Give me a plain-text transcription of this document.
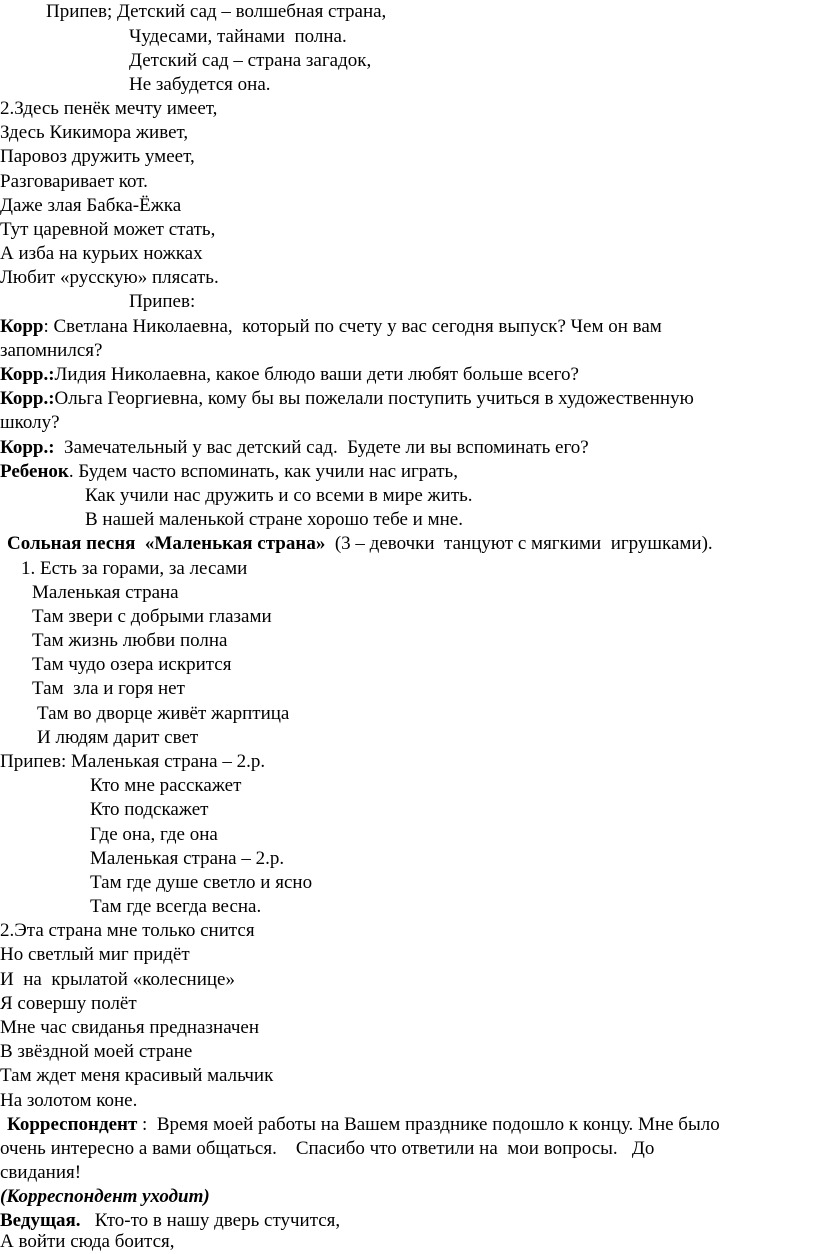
Припев; Детский сад – волшебная страна,
Чудесами, тайнами  полна.
Детский сад – страна загадок,
Не забудется она.
2.Здесь пенёк мечту имеет,
Здесь Кикимора живет,
Паровоз дружить умеет,
Разговаривает кот.
Даже злая Бабка-Ёжка
Тут царевной может стать,
А изба на курьих ножках
Любит «русскую» плясать.
Припев:
Корр: Светлана Николаевна,  который по счету у вас сегодня выпуск? Чем он вам
запомнился?
Корр.:Лидия Николаевна, какое блюдо ваши дети любят больше всего?
Корр.:Ольга Георгиевна, кому бы вы пожелали поступить учиться в художественную
школу?
Корр.:  Замечательный у вас детский сад.  Будете ли вы вспоминать его?
Ребенок. Будем часто вспоминать, как учили нас играть,
Как учили нас дружить и со всеми в мире жить.
В нашей маленькой стране хорошо тебе и мне.
Сольная песня  «Маленькая страна»  (3 – девочки  танцуют с мягкими  игрушками).
1. Есть за горами, за лесами
Маленькая страна
Там звери с добрыми глазами
Там жизнь любви полна
Там чудо озера искрится
Там  зла и горя нет
Там во дворце живёт жарптица
И людям дарит свет
Припев: Маленькая страна – 2.р.
Кто мне расскажет
Кто подскажет
Где она, где она
Маленькая страна – 2.р.
Там где душе светло и ясно
Там где всегда весна.
2.Эта страна мне только снится
Но светлый миг придёт
И  на  крылатой «колеснице»
Я совершу полёт
Мне час свиданья предназначен
В звёздной моей стране
Там ждет меня красивый мальчик
На золотом коне.
Корреспондент :  Время моей работы на Вашем празднике подошло к концу. Мне было
очень интересно а вами общаться.    Спасибо что ответили на  мои вопросы.   До
свидания!
(Корреспондент уходит)
Ведущая.   Кто-то в нашу дверь стучится,
А войти сюда боится,
